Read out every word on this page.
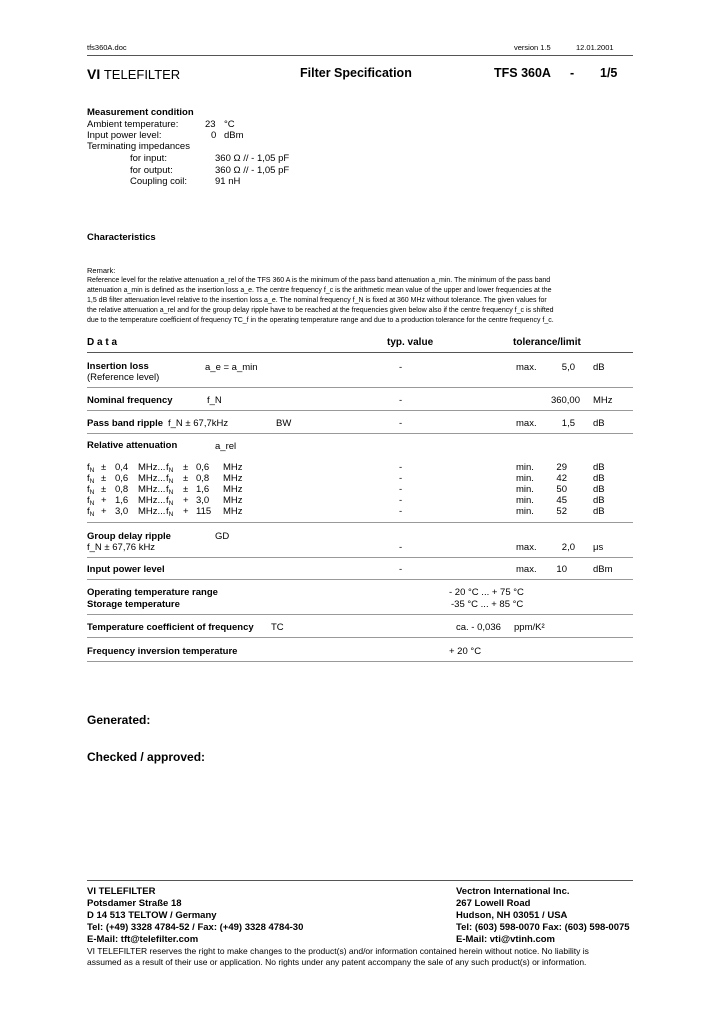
tfs360A.doc	version 1.5	12.01.2001
VI TELEFILTER	Filter Specification	TFS 360A - 1/5
Measurement condition
Ambient temperature:	23 °C
Input power level:	0 dBm
Terminating impedances
for input:	360 Ω // - 1,05 pF
for output:	360 Ω // - 1,05 pF
Coupling coil:	91 nH
Characteristics
Remark:
Reference level for the relative attenuation a_rel of the TFS 360 A is the minimum of the pass band attenuation a_min. The minimum of the pass band
attenuation a_min is defined as the insertion loss a_e. The centre frequency f_c is the arithmetic mean value of the upper and lower frequencies at the
1,5 dB filter attenuation level relative to the insertion loss a_e. The nominal frequency f_N is fixed at 360 MHz without tolerance. The given values for
the relative attenuation a_rel and for the group delay ripple have to be reached at the frequencies given below also if the centre frequency f_c is shifted
due to the temperature coefficient of frequency TC_f in the operating temperature range and due to a production tolerance for the centre frequency f_c.
D a t a	typ. value	tolerance/limit
Insertion loss
(Reference level)
a_e = a_min	-	max.	5,0 dB
Nominal frequency	f_N	-	360,00 MHz
Pass band ripple f_N ± 67,7kHz	BW	-	max.	1,5 dB
Relative attenuation	a_rel
$f_N \pm 0,4$ MHz... $f_N \pm 0,6$ MHz	-	min.	29	dB
$f_N \pm 0,6$ MHz... $f_N \pm 0,8$ MHz	-	min.	42	dB
$f_N \pm 0,8$ MHz... $f_N \pm 1,6$ MHz	-	min.	50	dB
$f_N + 1,6$ MHz... $f_N + 3,0$ MHz	-	min.	45	dB
$f_N + 3,0$ MHz... $f_N + 115$ MHz	-	min.	52	dB
Group delay ripple	GD
f_N ± 67,76 kHz	-	max.	2,0 μs
Input power level	-	max.	10	dBm
Operating temperature range	- 20 °C ... + 75 °C
Storage temperature	-35 °C ... + 85 °C
Temperature coefficient of frequency TC	ca. - 0,036 ppm/K²
Frequency inversion temperature	+ 20 °C
Generated:
Checked / approved:
VI TELEFILTER
Potsdamer Straße 18
D 14 513 TELTOW / Germany
Tel: (+49) 3328 4784-52 / Fax: (+49) 3328 4784-30
E-Mail: tft@telefilter.com
Vectron International Inc.
267 Lowell Road
Hudson, NH 03051 / USA
Tel: (603) 598-0070 Fax: (603) 598-0075
E-Mail: vti@vtinh.com
VI TELEFILTER reserves the right to make changes to the product(s) and/or information contained herein without notice. No liability is
assumed as a result of their use or application. No rights under any patent accompany the sale of any such product(s) or information.
